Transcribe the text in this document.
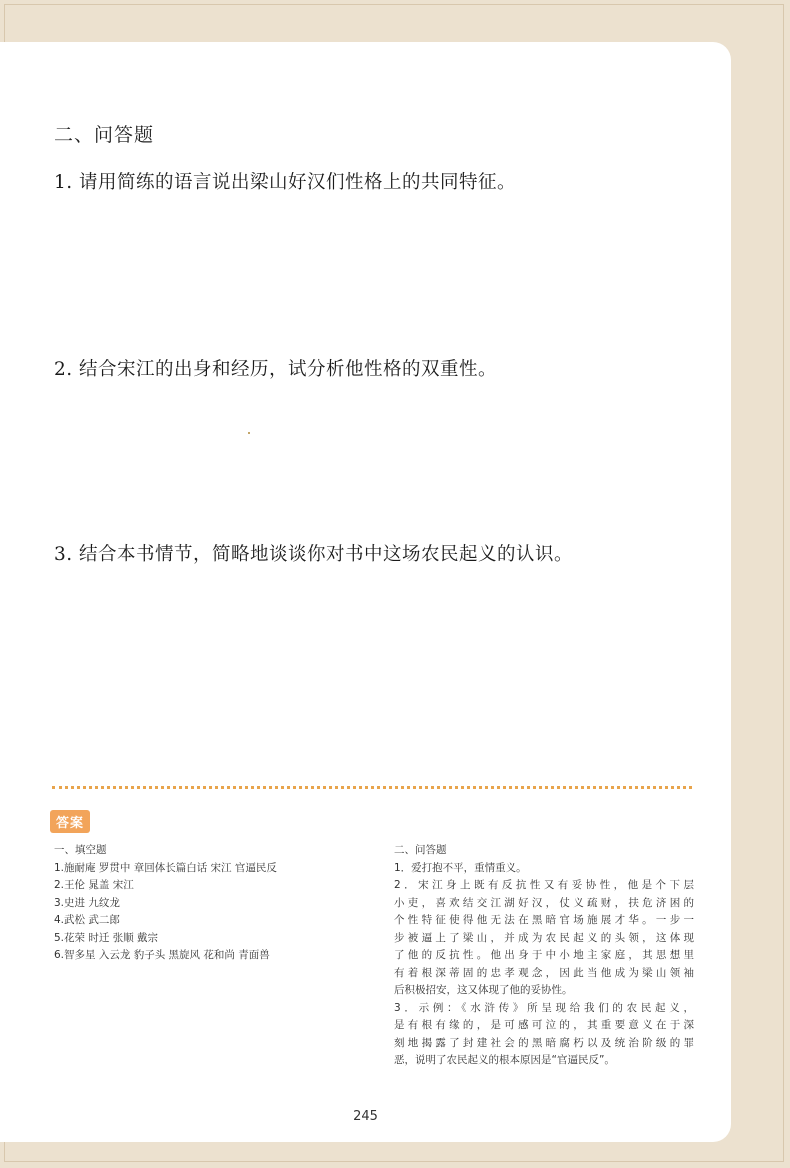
二、问答题
1. 请用简练的语言说出梁山好汉们性格上的共同特征。
2. 结合宋江的出身和经历，试分析他性格的双重性。
3. 结合本书情节，简略地谈谈你对书中这场农民起义的认识。
答案
一、填空题
1.施耐庵 罗贯中 章回体长篇白话 宋江 官逼民反
2.王伦 晁盖 宋江
3.史进 九纹龙
4.武松 武二郎
5.花荣 时迁 张顺 戴宗
6.智多星 入云龙 豹子头 黑旋风 花和尚 青面兽
二、问答题
1．爱打抱不平，重情重义。
2．宋江身上既有反抗性又有妥协性，他是个下层
小吏，喜欢结交江湖好汉，仗义疏财，扶危济困的
个性特征使得他无法在黑暗官场施展才华。一步一
步被逼上了梁山，并成为农民起义的头领，这体现
了他的反抗性。他出身于中小地主家庭，其思想里
有着根深蒂固的忠孝观念，因此当他成为梁山领袖
后积极招安，这又体现了他的妥协性。
3．示例：《水浒传》所呈现给我们的农民起义，
是有根有缘的，是可感可泣的，其重要意义在于深
刻地揭露了封建社会的黑暗腐朽以及统治阶级的罪
恶，说明了农民起义的根本原因是“官逼民反”。
245
